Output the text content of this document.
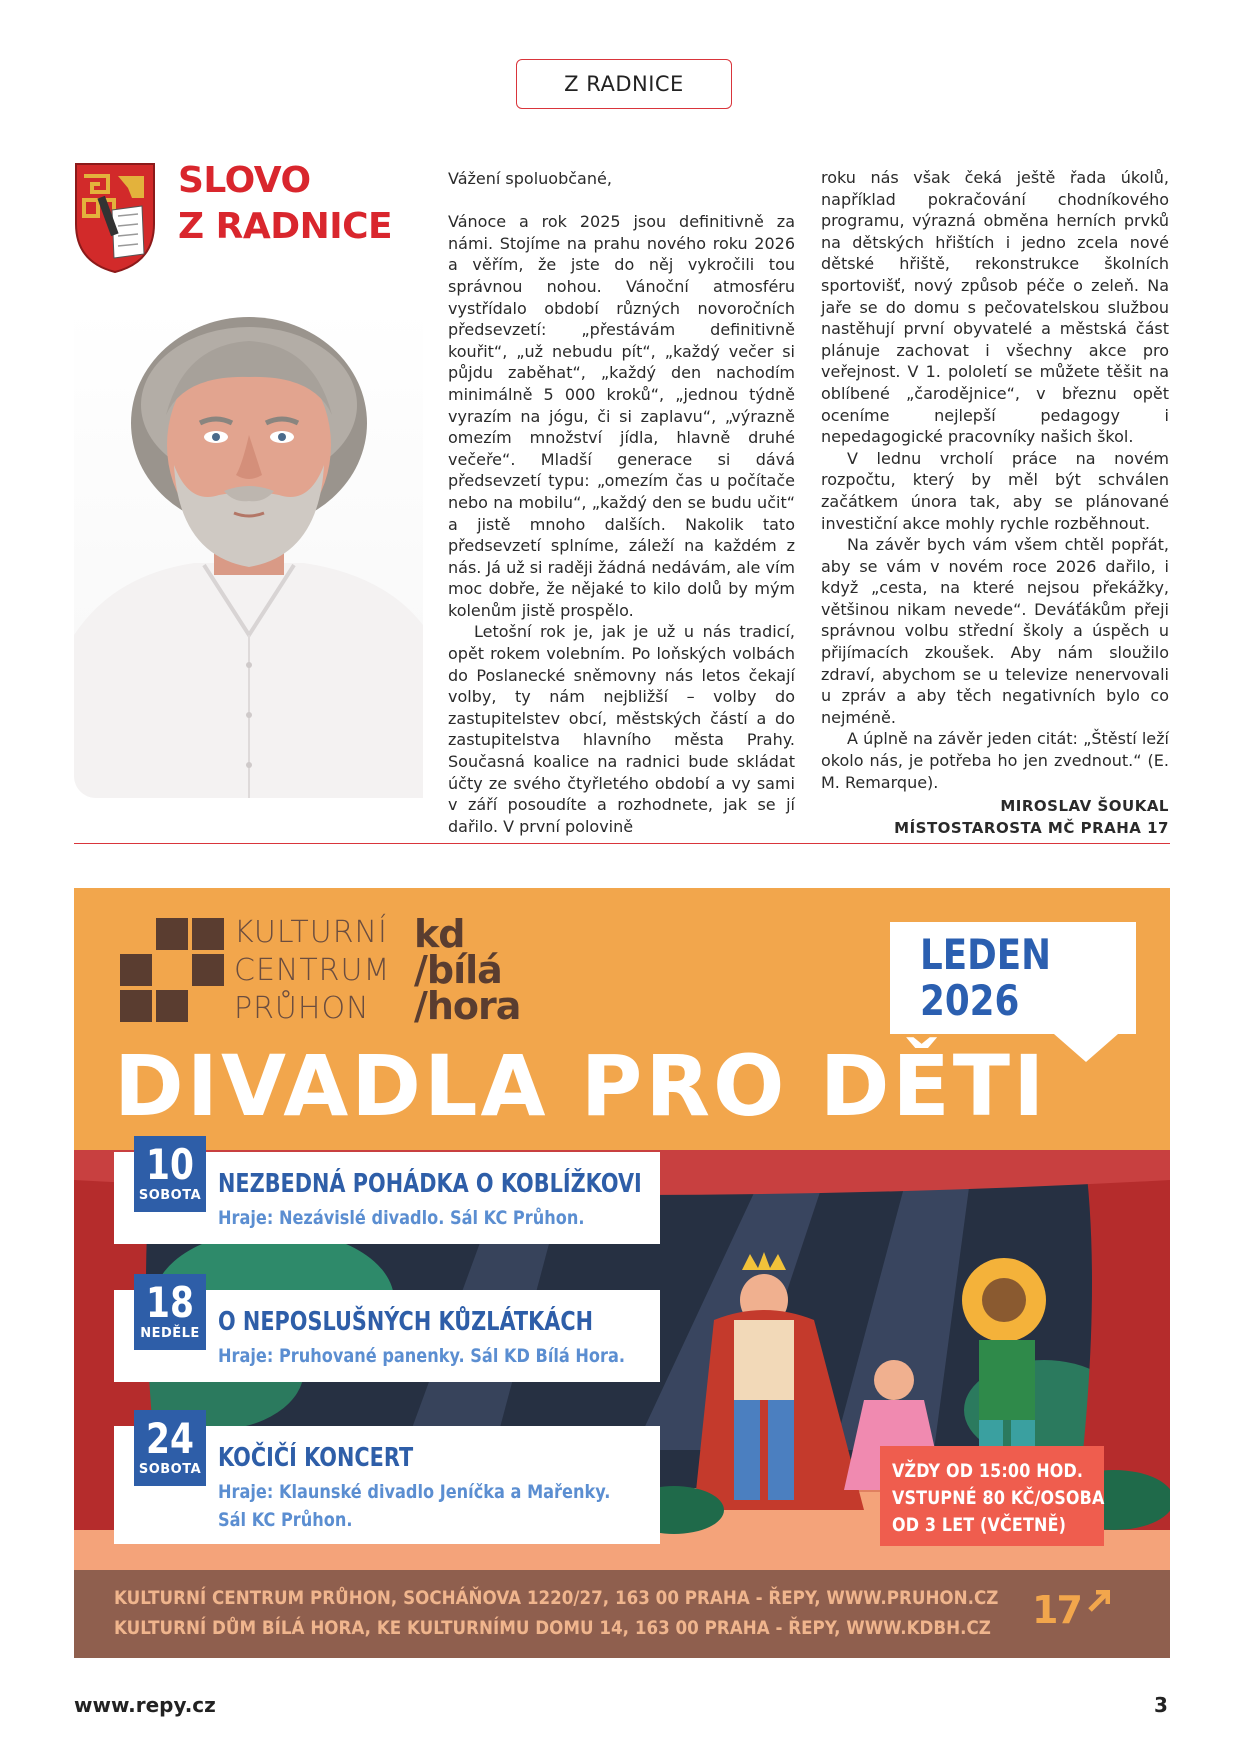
Z RADNICE
SLOVO
Z RADNICE

Vážení spoluobčané,

Vánoce a rok 2025 jsou definitivně za námi. Stojíme na prahu nového roku 2026 a věřím, že jste do něj vykročili tou správnou nohou. Vánoční atmosféru vystřídalo období různých novoročních předsevzetí: „přestávám definitivně kouřit“, „už nebudu pít“, „každý večer si půjdu zaběhat“, „každý den nachodím minimálně 5 000 kroků“, „jednou týdně vyrazím na jógu, či si zaplavu“, „výrazně omezím množství jídla, hlavně druhé večeře“. Mladší generace si dává předsevzetí typu: „omezím čas u počítače nebo na mobilu“, „každý den se budu učit“ a jistě mnoho dalších. Nakolik tato předsevzetí splníme, záleží na každém z nás. Já už si raději žádná nedávám, ale vím moc dobře, že nějaké to kilo dolů by mým kolenům jistě prospělo.

Letošní rok je, jak je už u nás tradicí, opět rokem volebním. Po loňských volbách do Poslanecké sněmovny nás letos čekají volby, ty nám nejbližší – volby do zastupitelstev obcí, městských částí a do zastupitelstva hlavního města Prahy. Současná koalice na radnici bude skládat účty ze svého čtyřletého období a vy sami v září posoudíte a rozhodnete, jak se jí dařilo. V první polovině

roku nás však čeká ještě řada úkolů, například pokračování chodníkového programu, výrazná obměna herních prvků na dětských hřištích i jedno zcela nové dětské hřiště, rekonstrukce školních sportovišť, nový způsob péče o zeleň. Na jaře se do domu s pečovatelskou službou nastěhují první obyvatelé a městská část plánuje zachovat i všechny akce pro veřejnost. V 1. pololetí se můžete těšit na oblíbené „čarodějnice“, v březnu opět oceníme nejlepší pedagogy i nepedagogické pracovníky našich škol.

V lednu vrcholí práce na novém rozpočtu, který by měl být schválen začátkem února tak, aby se plánované investiční akce mohly rychle rozběhnout.

Na závěr bych vám všem chtěl popřát, aby se vám v novém roce 2026 dařilo, i když „cesta, na které nejsou překážky, většinou nikam nevede“. Deváťákům přeji správnou volbu střední školy a úspěch u přijímacích zkoušek. Aby nám sloužilo zdraví, abychom se u televize nenervovali u zpráv a aby těch negativních bylo co nejméně.

A úplně na závěr jeden citát: „Štěstí leží okolo nás, je potřeba ho jen zvednout.“ (E. M. Remarque).

MIROSLAV ŠOUKAL
MÍSTOSTAROSTA MČ PRAHA 17
KULTURNÍ
CENTRUM
PRŮHON
kd
/bílá
/hora
LEDEN
2026
DIVADLA PRO DĚTI
10
SOBOTA NEZBEDNÁ POHÁDKA O KOBLÍŽKOVI
Hraje: Nezávislé divadlo. Sál KC Průhon.
18
NEDĚLE O NEPOSLUŠNÝCH KŮZLÁTKÁCH
Hraje: Pruhované panenky. Sál KD Bílá Hora.
24
SOBOTA KOČIČÍ KONCERT
Hraje: Klaunské divadlo Jeníčka a Mařenky.
Sál KC Průhon.
VŽDY OD 15:00 HOD.
VSTUPNÉ 80 KČ/OSOBA
OD 3 LET (VČETNĚ)
KULTURNÍ CENTRUM PRŮHON, SOCHÁŇOVA 1220/27, 163 00 PRAHA - ŘEPY, WWW.PRUHON.CZ
KULTURNÍ DŮM BÍLÁ HORA, KE KULTURNÍMU DOMU 14, 163 00 PRAHA - ŘEPY, WWW.KDBH.CZ 17
www.repy.cz	3
